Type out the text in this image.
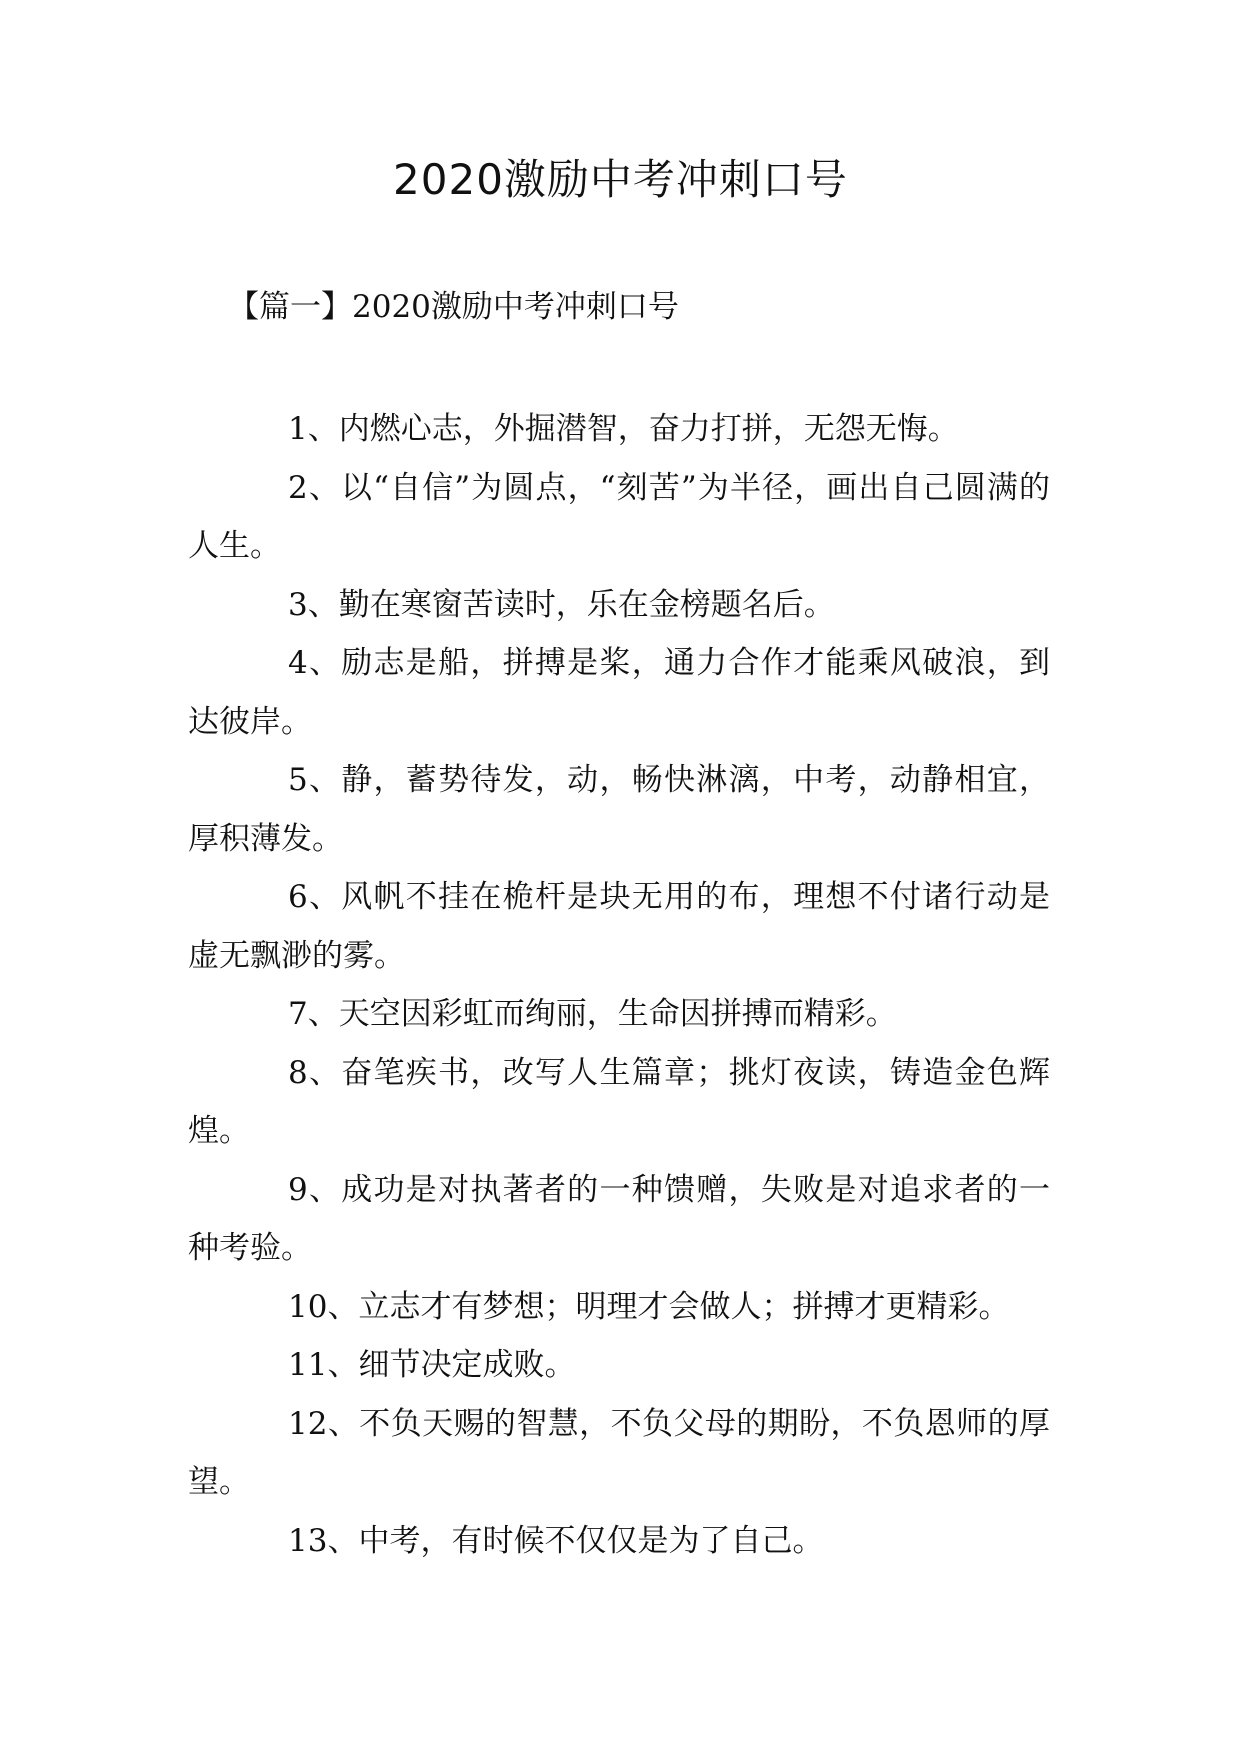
2020激励中考冲刺口号
【篇一】2020激励中考冲刺口号

1、内燃心志，外掘潜智，奋力打拼，无怨无悔。

2、以“自信”为圆点，“刻苦”为半径，画出自己圆满的人生。

3、勤在寒窗苦读时，乐在金榜题名后。

4、励志是船，拼搏是桨，通力合作才能乘风破浪，到达彼岸。

5、静，蓄势待发，动，畅快淋漓，中考，动静相宜，厚积薄发。

6、风帆不挂在桅杆是块无用的布，理想不付诸行动是虚无飘渺的雾。

7、天空因彩虹而绚丽，生命因拼搏而精彩。

8、奋笔疾书，改写人生篇章；挑灯夜读，铸造金色辉煌。

9、成功是对执著者的一种馈赠，失败是对追求者的一种考验。

10、立志才有梦想；明理才会做人；拼搏才更精彩。

11、细节决定成败。

12、不负天赐的智慧，不负父母的期盼，不负恩师的厚望。

13、中考，有时候不仅仅是为了自己。
